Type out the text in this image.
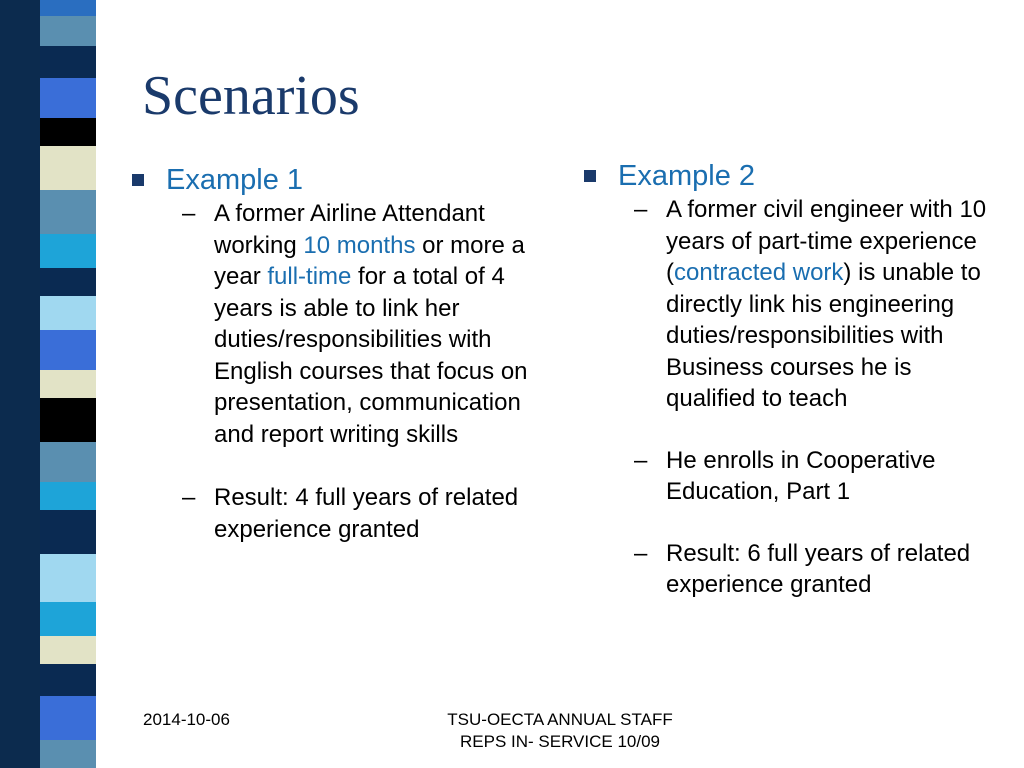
Scenarios
Example 1
– A former Airline Attendant working 10 months or more a year full-time for a total of 4 years is able to link her duties/responsibilities with English courses that focus on presentation, communication and report writing skills
– Result: 4 full years of related experience granted
Example 2
– A former civil engineer with 10 years of part-time experience (contracted work) is unable to directly link his engineering duties/responsibilities with Business courses he is qualified to teach
– He enrolls in Cooperative Education, Part 1
– Result: 6 full years of related experience granted
2014-10-06	TSU-OECTA ANNUAL STAFF
REPS IN- SERVICE 10/09
